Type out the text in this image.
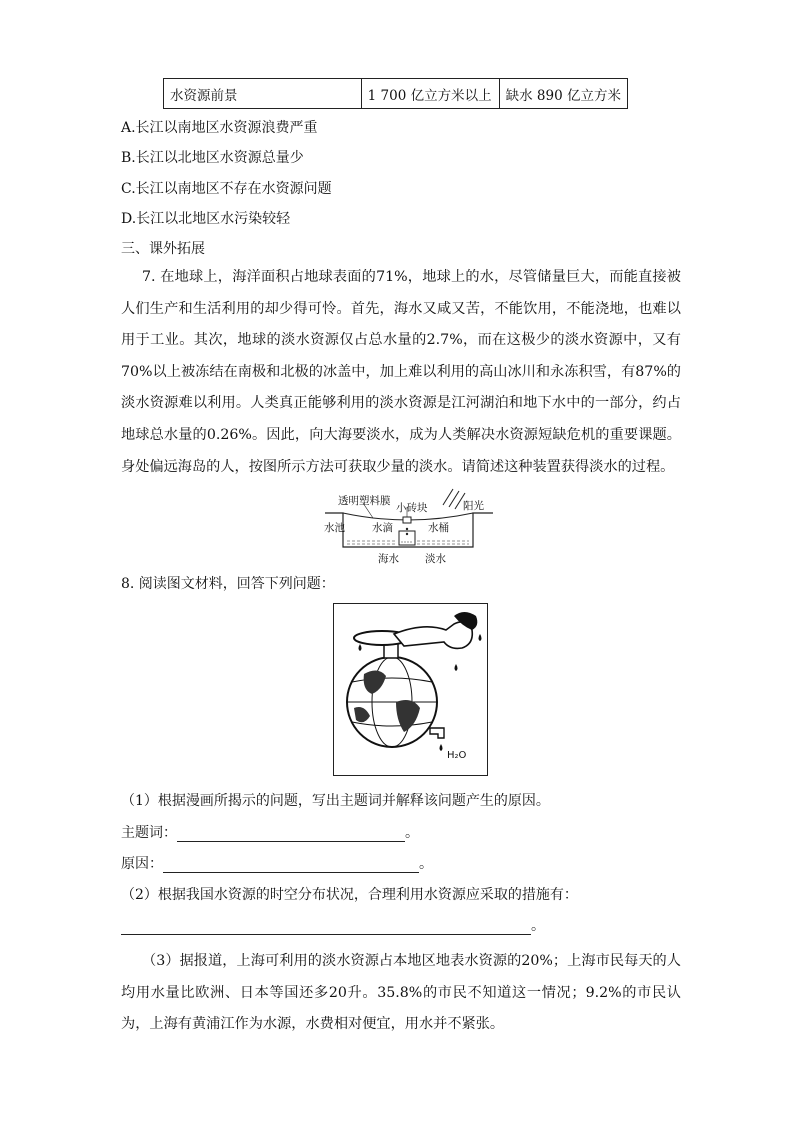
水资源前景	1 700 亿立方米以上	缺水 890 亿立方米
A.长江以南地区水资源浪费严重
B.长江以北地区水资源总量少
C.长江以南地区不存在水资源问题
D.长江以北地区水污染较轻
三、课外拓展
7. 在地球上，海洋面积占地球表面的71%，地球上的水，尽管储量巨大，而能直接被人们生产和生活利用的却少得可怜。首先，海水又咸又苦，不能饮用，不能浇地，也难以用于工业。其次，地球的淡水资源仅占总水量的2.7%，而在这极少的淡水资源中，又有70%以上被冻结在南极和北极的冰盖中，加上难以利用的高山冰川和永冻积雪，有87%的淡水资源难以利用。人类真正能够利用的淡水资源是江河湖泊和地下水中的一部分，约占地球总水量的0.26%。因此，向大海要淡水，成为人类解决水资源短缺危机的重要课题。身处偏远海岛的人，按图所示方法可获取少量的淡水。请简述这种装置获得淡水的过程。
透明塑料膜
小砖块	阳光
水池	水滴	水桶
海水 淡水
8. 阅读图文材料，回答下列问题：
H₂O
（1）根据漫画所揭示的问题，写出主题词并解释该问题产生的原因。
主题词：	。
原因：	。
（2）根据我国水资源的时空分布状况，合理利用水资源应采取的措施有：
。
（3）据报道，上海可利用的淡水资源占本地区地表水资源的20%；上海市民每天的人均用水量比欧洲、日本等国还多20升。35.8%的市民不知道这一情况；9.2%的市民认为，上海有黄浦江作为水源，水费相对便宜，用水并不紧张。
